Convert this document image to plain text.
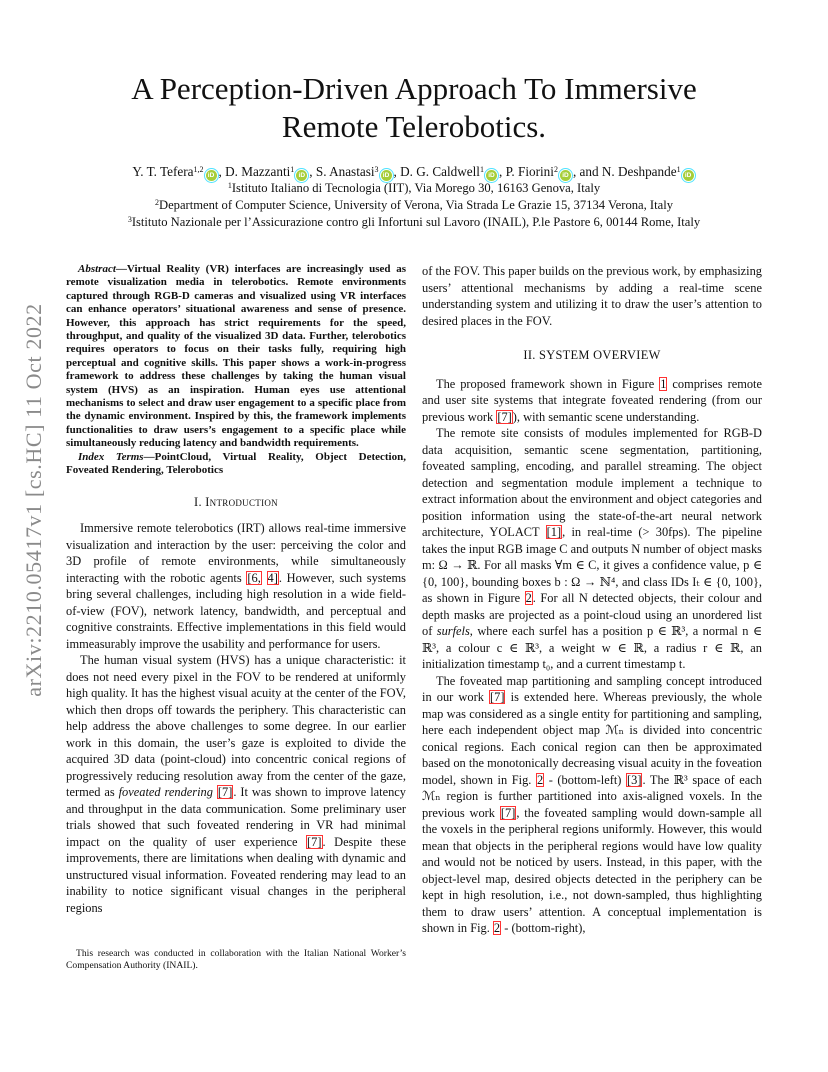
arXiv:2210.05417v1 [cs.HC] 11 Oct 2022
A Perception-Driven Approach To Immersive
Remote Telerobotics.
Y. T. Tefera$^{1,2}$iD , D. Mazzanti$^1$iD , S. Anastasi$^3$iD , D. G. Caldwell$^1$iD , P. Fiorini$^2$iD , and N. Deshpande$^1$iD
$^1$Istituto Italiano di Tecnologia (IIT), Via Morego 30, 16163 Genova, Italy
$^2$Department of Computer Science, University of Verona, Via Strada Le Grazie 15, 37134 Verona, Italy
$^3$Istituto Nazionale per l’Assicurazione contro gli Infortuni sul Lavoro (INAIL), P.le Pastore 6, 00144 Rome, Italy

Abstract—Virtual Reality (VR) interfaces are increasingly used as remote visualization media in telerobotics. Remote environments captured through RGB-D cameras and visualized using VR interfaces can enhance operators’ situational awareness and sense of presence. However, this approach has strict requirements for the speed, throughput, and quality of the visualized 3D data. Further, telerobotics requires operators to focus on their tasks fully, requiring high perceptual and cognitive skills. This paper shows a work-in-progress framework to address these challenges by taking the human visual system (HVS) as an inspiration. Human eyes use attentional mechanisms to select and draw user engagement to a specific place from the dynamic environment. Inspired by this, the framework implements functionalities to draw users’s engagement to a specific place while simultaneously reducing latency and bandwidth requirements.

Index Terms—PointCloud, Virtual Reality, Object Detection, Foveated Rendering, Telerobotics

I. Introduction

Immersive remote telerobotics (IRT) allows real-time immersive visualization and interaction by the user: perceiving the color and 3D profile of remote environments, while simultaneously interacting with the robotic agents [6, 4]. However, such systems bring several challenges, including high resolution in a wide field-of-view (FOV), network latency, bandwidth, and perceptual and cognitive constraints. Effective implementations in this field would immeasurably improve the usability and performance for users.

The human visual system (HVS) has a unique characteristic: it does not need every pixel in the FOV to be rendered at uniformly high quality. It has the highest visual acuity at the center of the FOV, which then drops off towards the periphery. This characteristic can help address the above challenges to some degree. In our earlier work in this domain, the user’s gaze is exploited to divide the acquired 3D data (point-cloud) into concentric conical regions of progressively reducing resolution away from the center of the gaze, termed as foveated rendering [7]. It was shown to improve latency and throughput in the data communication. Some preliminary user trials showed that such foveated rendering in VR had minimal impact on the quality of user experience [7]. Despite these improvements, there are limitations when dealing with dynamic and unstructured visual information. Foveated rendering may lead to an inability to notice significant visual changes in the peripheral regions

This research was conducted in collaboration with the Italian National Worker’s Compensation Authority (INAIL).

of the FOV. This paper builds on the previous work, by emphasizing users’ attentional mechanisms by adding a real-time scene understanding system and utilizing it to draw the user’s attention to desired places in the FOV.

II. SYSTEM OVERVIEW

The proposed framework shown in Figure 1 comprises remote and user site systems that integrate foveated rendering (from our previous work [7]), with semantic scene understanding.

The remote site consists of modules implemented for RGB-D data acquisition, semantic scene segmentation, partitioning, foveated sampling, encoding, and parallel streaming. The object detection and segmentation module implement a technique to extract information about the environment and object categories and position information using the state-of-the-art neural network architecture, YOLACT [1], in real-time (> 30fps). The pipeline takes the input RGB image C and outputs N number of object masks m: Ω → ℝ. For all masks ∀m ∈ C, it gives a confidence value, p ∈ {0, 100}, bounding boxes b : Ω → ℕ⁴, and class IDs Iₜ ∈ {0, 100}, as shown in Figure 2. For all N detected objects, their colour and depth masks are projected as a point-cloud using an unordered list of surfels, where each surfel has a position p ∈ ℝ³, a normal n ∈ ℝ³, a colour c ∈ ℝ³, a weight w ∈ ℝ, a radius r ∈ ℝ, an initialization timestamp t₀, and a current timestamp t.

The foveated map partitioning and sampling concept introduced in our work [7] is extended here. Whereas previously, the whole map was considered as a single entity for partitioning and sampling, here each independent object map ℳₙ is divided into concentric conical regions. Each conical region can then be approximated based on the monotonically decreasing visual acuity in the foveation model, shown in Fig. 2 - (bottom-left) [3]. The ℝ³ space of each ℳₙ region is further partitioned into axis-aligned voxels. In the previous work [7], the foveated sampling would down-sample all the voxels in the peripheral regions uniformly. However, this would mean that objects in the peripheral regions would have low quality and would not be noticed by users. Instead, in this paper, with the object-level map, desired objects detected in the periphery can be kept in high resolution, i.e., not down-sampled, thus highlighting them to draw users’ attention. A conceptual implementation is shown in Fig. 2 - (bottom-right),
